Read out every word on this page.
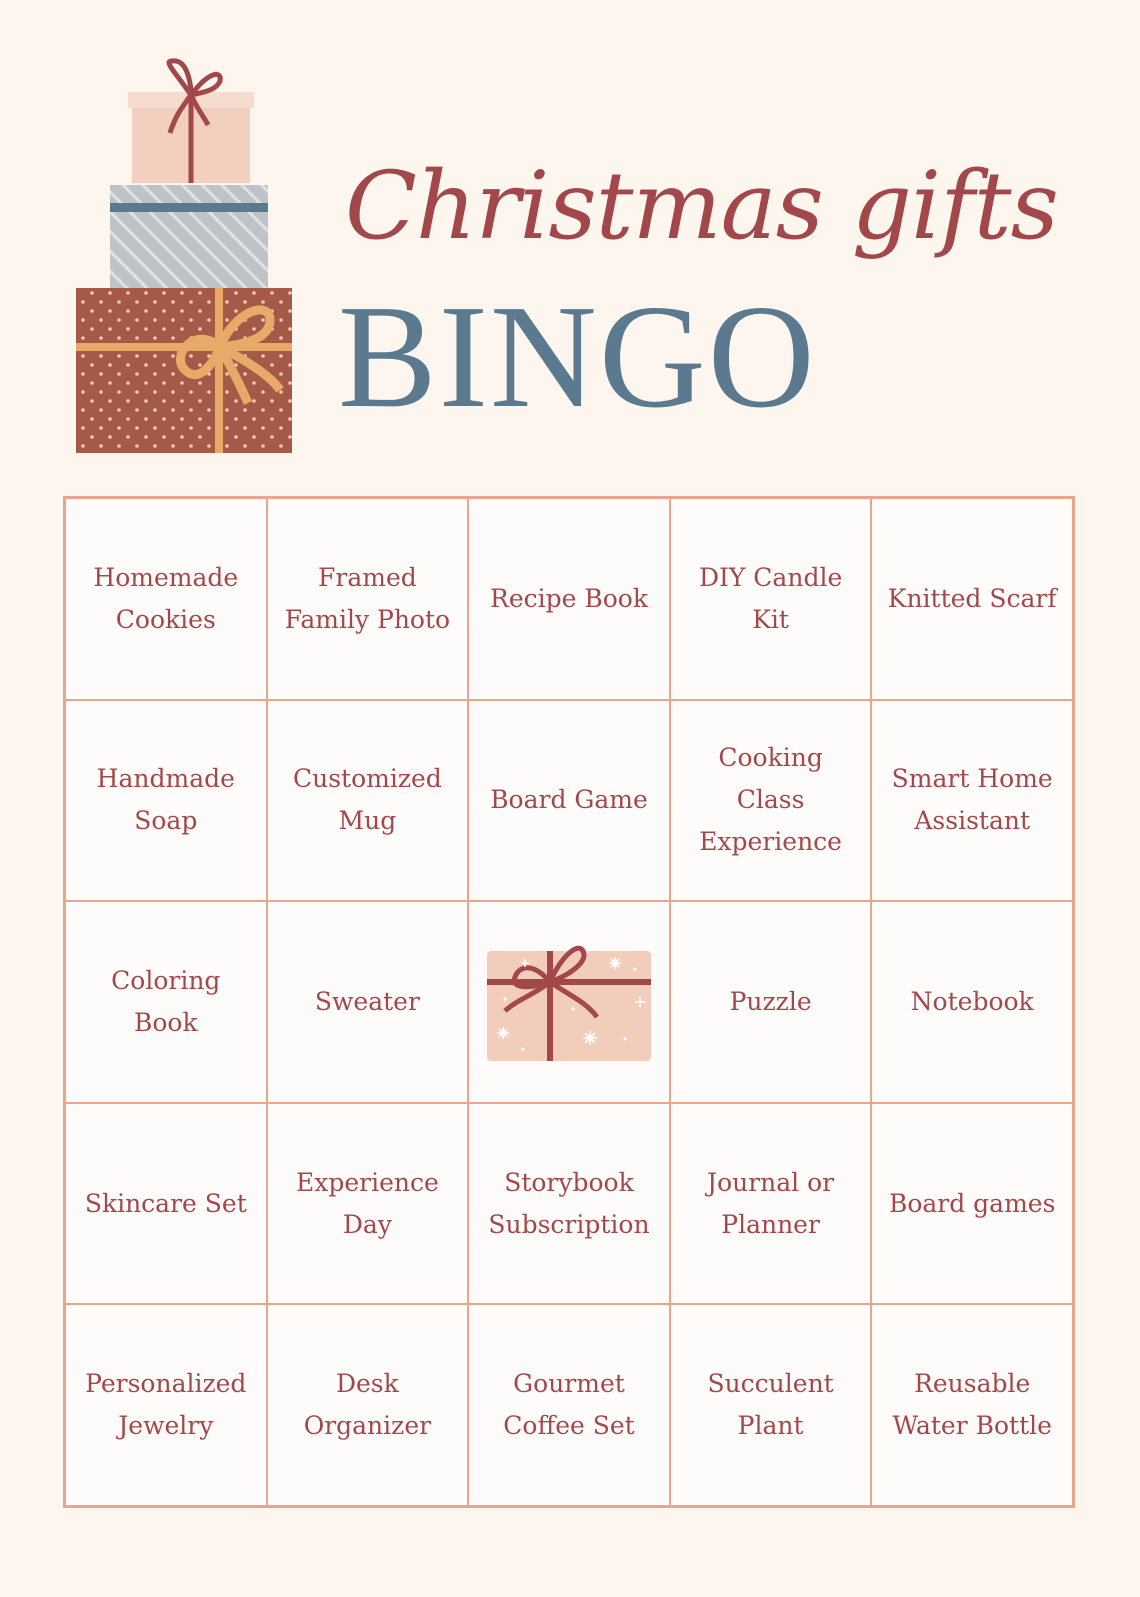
Christmas gifts
BINGO
Homemade Cookies
Framed Family Photo
Recipe Book
DIY Candle Kit
Knitted Scarf
Handmade Soap
Customized Mug
Board Game
Cooking Class Experience
Smart Home Assistant
Coloring Book
Sweater	Puzzle	Notebook
Skincare Set
Experience Day
Storybook Subscription
Journal or Planner
Board games
Personalized Jewelry
Desk Organizer
Gourmet Coffee Set
Succulent Plant
Reusable Water Bottle
